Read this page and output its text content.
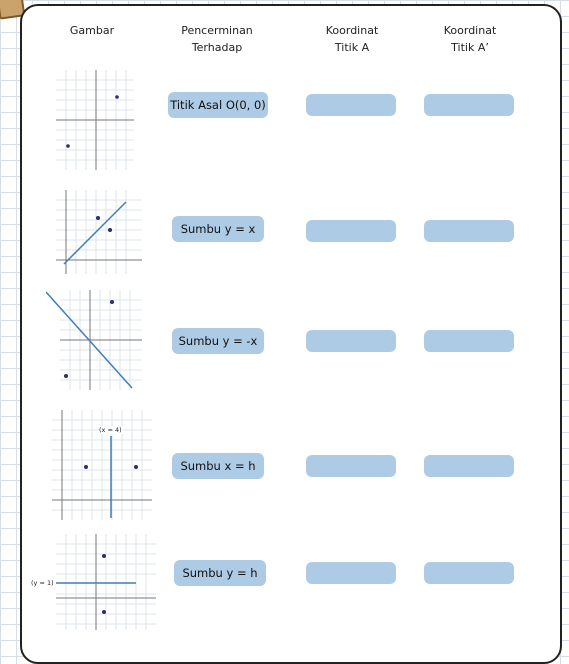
Gambar	Pencerminan
Terhadap
Koordinat
Titik A
Koordinat
Titik A’
Titik Asal O(0, 0)
Sumbu y = x
Sumbu y = -x
(x = 4)
Sumbu x = h
(y = 1)
Sumbu y = h
